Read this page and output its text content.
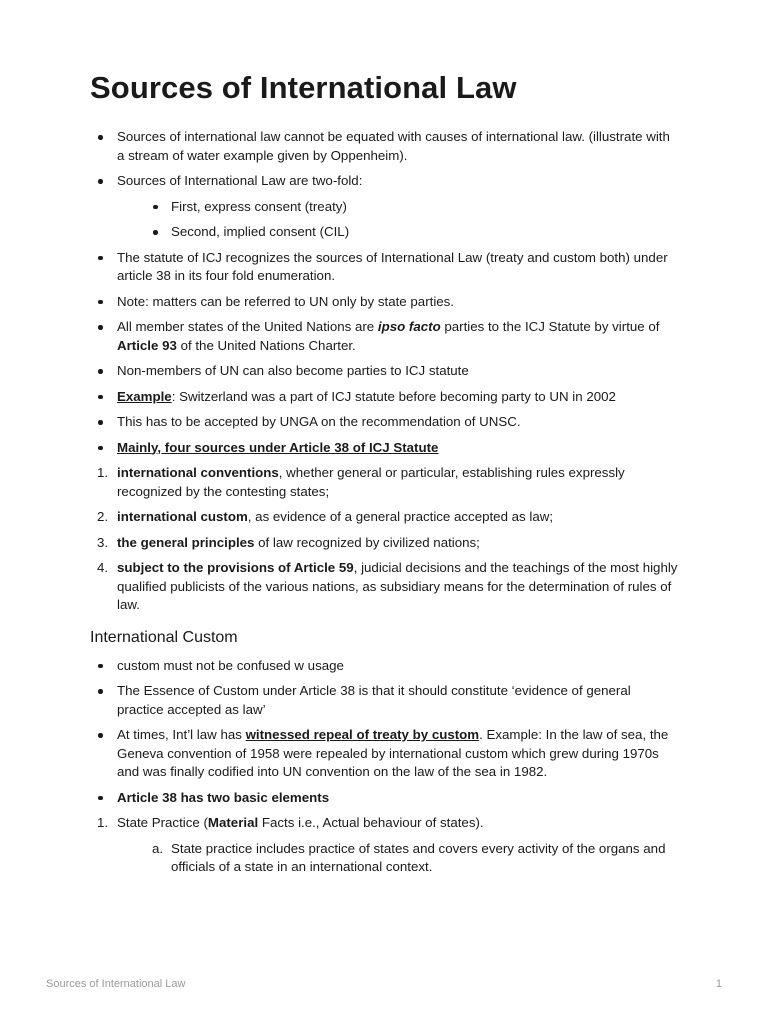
Sources of International Law
Sources of international law cannot be equated with causes of international law. (illustrate with a stream of water example given by Oppenheim).
Sources of International Law are two-fold:
First, express consent (treaty)
Second, implied consent (CIL)
The statute of ICJ recognizes the sources of International Law (treaty and custom both) under article 38 in its four fold enumeration.
Note: matters can be referred to UN only by state parties.
All member states of the United Nations are ipso facto parties to the ICJ Statute by virtue of Article 93 of the United Nations Charter.
Non-members of UN can also become parties to ICJ statute
Example: Switzerland was a part of ICJ statute before becoming party to UN in 2002
This has to be accepted by UNGA on the recommendation of UNSC.
Mainly, four sources under Article 38 of ICJ Statute
1. international conventions, whether general or particular, establishing rules expressly recognized by the contesting states;
2. international custom, as evidence of a general practice accepted as law;
3. the general principles of law recognized by civilized nations;
4. subject to the provisions of Article 59, judicial decisions and the teachings of the most highly qualified publicists of the various nations, as subsidiary means for the determination of rules of law.
International Custom
custom must not be confused w usage
The Essence of Custom under Article 38 is that it should constitute ‘evidence of general practice accepted as law’
At times, Int’l law has witnessed repeal of treaty by custom. Example: In the law of sea, the Geneva convention of 1958 were repealed by international custom which grew during 1970s and was finally codified into UN convention on the law of the sea in 1982.
Article 38 has two basic elements
1. State Practice (Material Facts i.e., Actual behaviour of states).
a. State practice includes practice of states and covers every activity of the organs and officials of a state in an international context.
Sources of International Law	1
